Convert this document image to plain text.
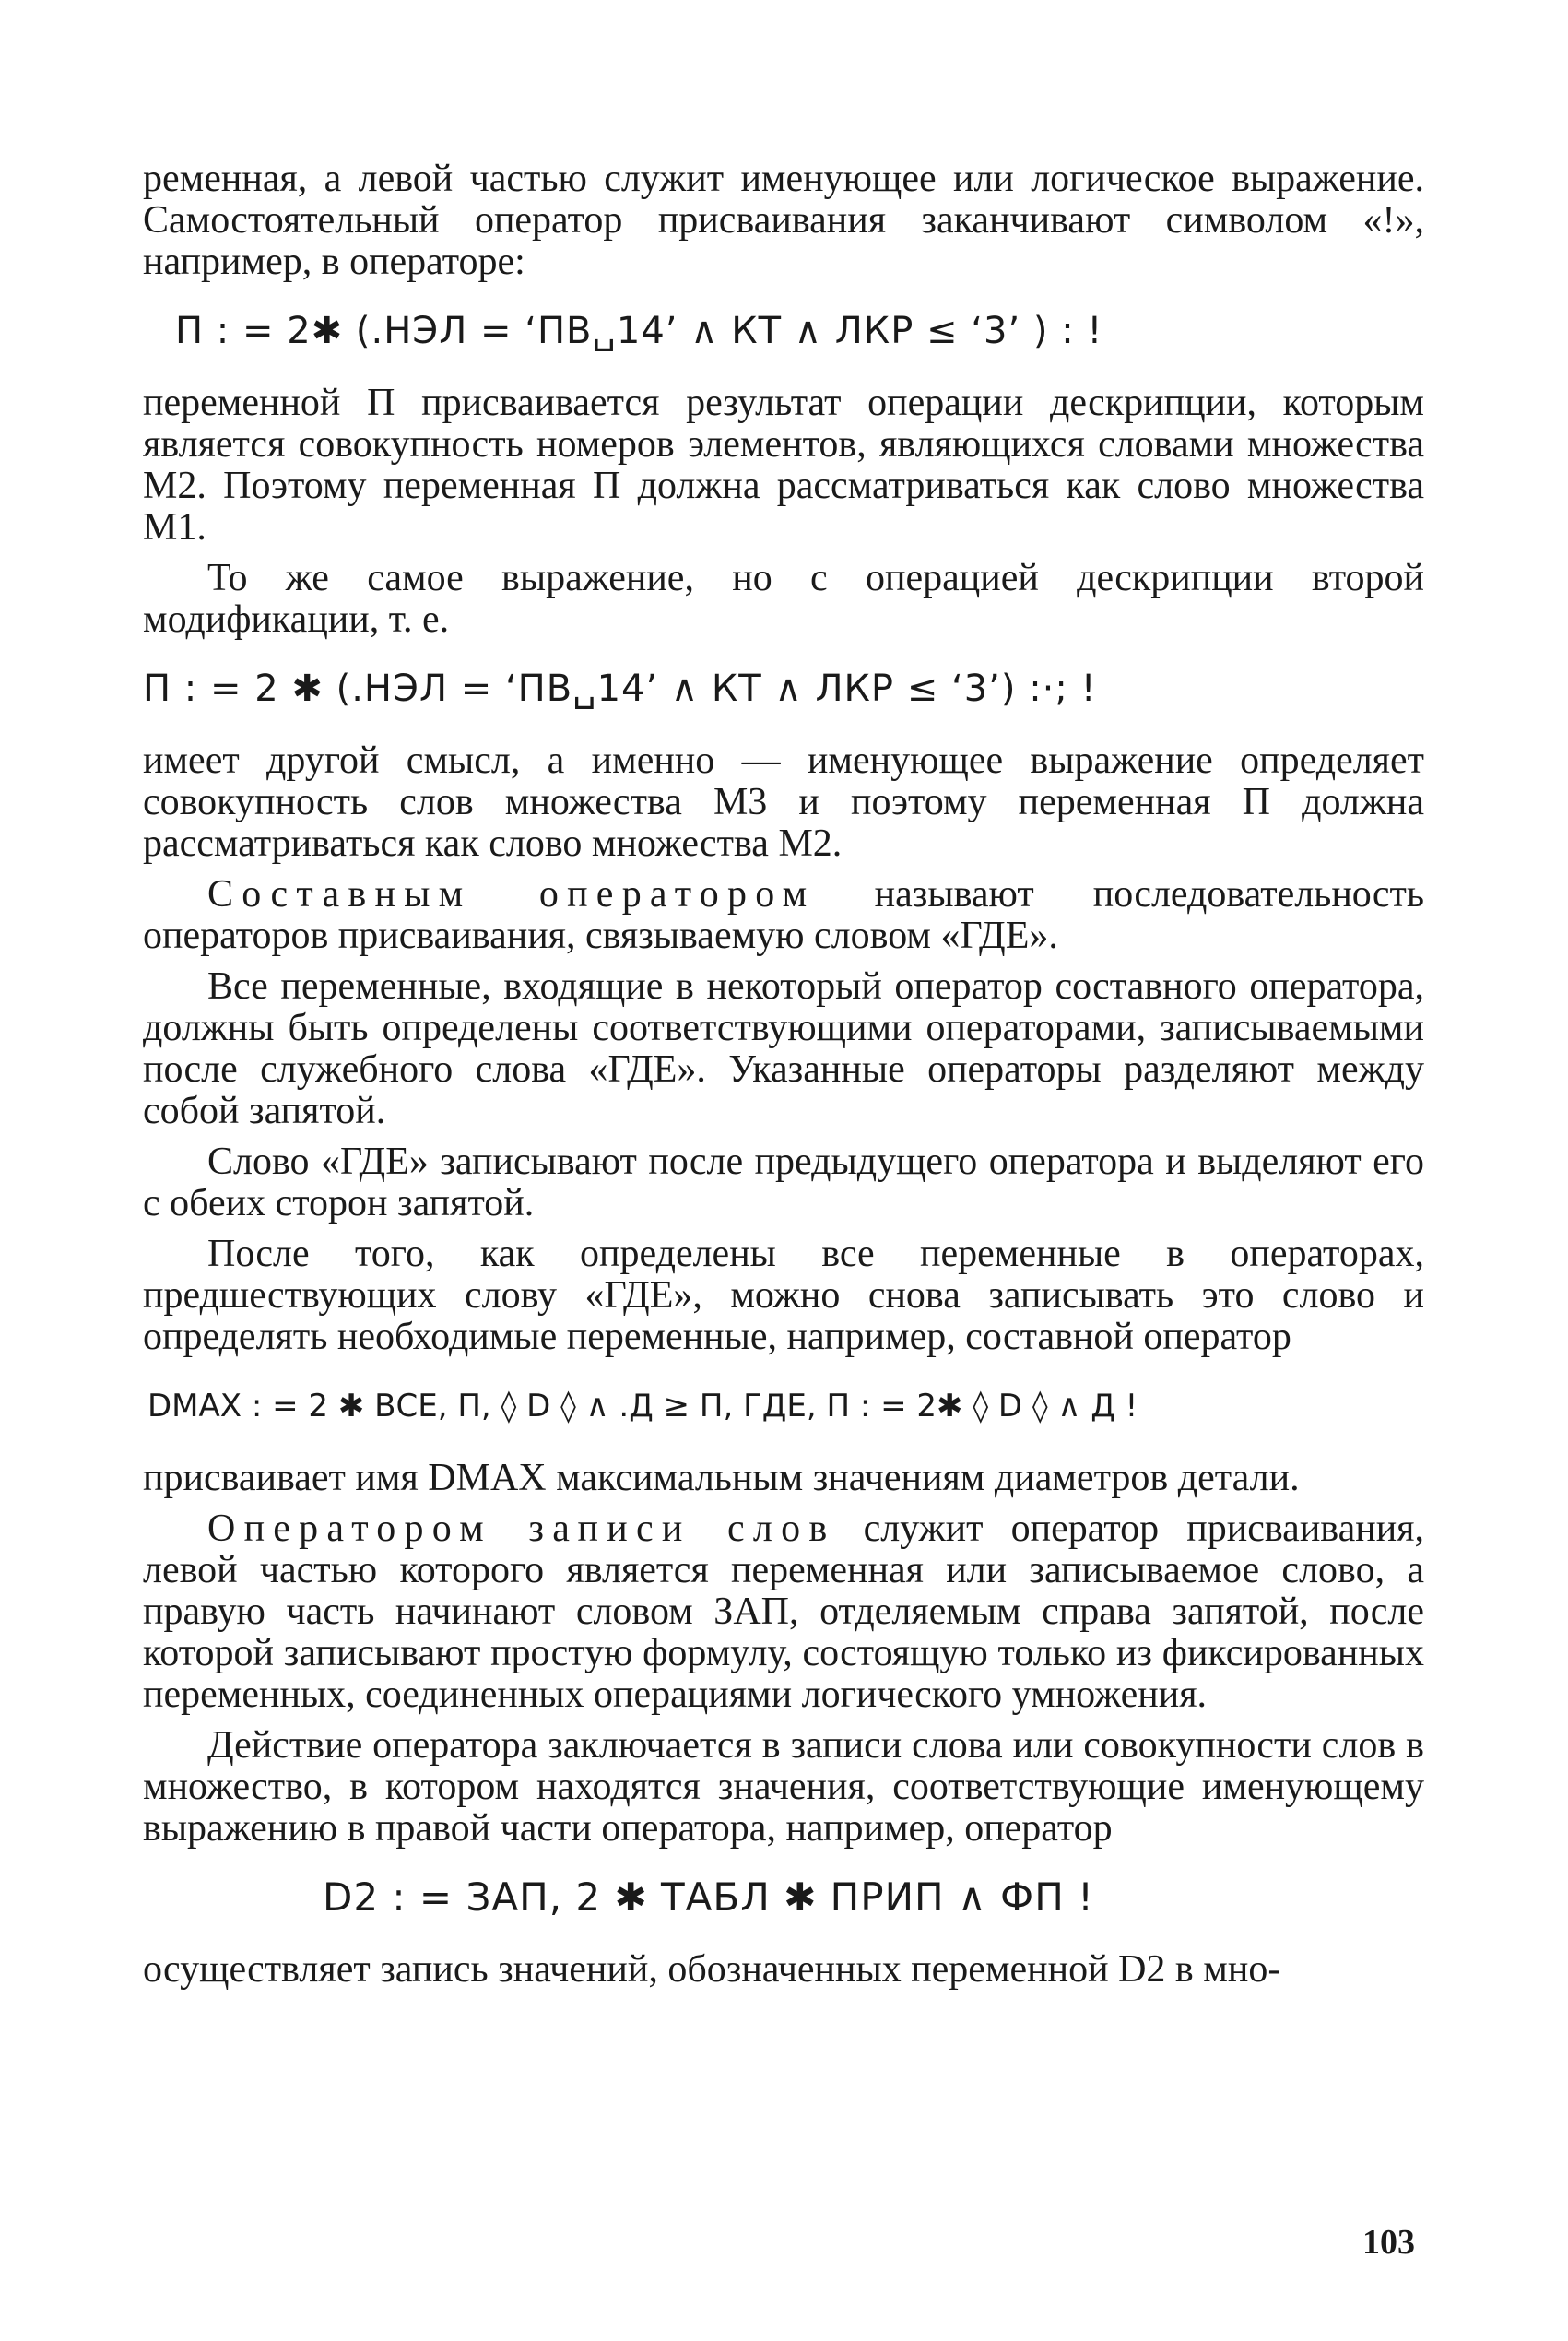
ременная, а левой частью служит именующее или логическое выражение. Самостоятельный оператор присваивания заканчивают символом «!», например, в операторе:

П : = 2✱ (.НЭЛ = ‘ПВ␣14’ ∧ КТ ∧ ЛКР ≤ ‘3’ ) : !

переменной П присваивается результат операции дескрипции, которым является совокупность номеров элементов, являющихся словами множества М2. Поэтому переменная П должна рассматриваться как слово множества М1.

То же самое выражение, но с операцией дескрипции второй модификации, т. е.

П : = 2 ✱ (.НЭЛ = ‘ПВ␣14’ ∧ КТ ∧ ЛКР ≤ ‘3’) :·; !

имеет другой смысл, а именно — именующее выражение определяет совокупность слов множества М3 и поэтому переменная П должна рассматриваться как слово множества М2.

Составным оператором называют последовательность операторов присваивания, связываемую словом «ГДЕ».

Все переменные, входящие в некоторый оператор составного оператора, должны быть определены соответствующими операторами, записываемыми после служебного слова «ГДЕ». Указанные операторы разделяют между собой запятой.

Слово «ГДЕ» записывают после предыдущего оператора и выделяют его с обеих сторон запятой.

После того, как определены все переменные в операторах, предшествующих слову «ГДЕ», можно снова записывать это слово и определять необходимые переменные, например, составной оператор

DMAX : = 2 ✱ ВСЕ, П, ◊ D ◊ ∧ .Д ≥ П, ГДЕ, П : = 2✱ ◊ D ◊ ∧ Д !

присваивает имя DMAX максимальным значениям диаметров детали.

Оператором записи слов служит оператор присваивания, левой частью которого является переменная или записываемое слово, а правую часть начинают словом ЗАП, отделяемым справа запятой, после которой записывают простую формулу, состоящую только из фиксированных переменных, соединенных операциями логического умножения.

Действие оператора заключается в записи слова или совокупности слов в множество, в котором находятся значения, соответствующие именующему выражению в правой части оператора, например, оператор

D2 : = ЗАП, 2 ✱ ТАБЛ ✱ ПРИП ∧ ФП !

осуществляет запись значений, обозначенных переменной D2 в мно-

103
